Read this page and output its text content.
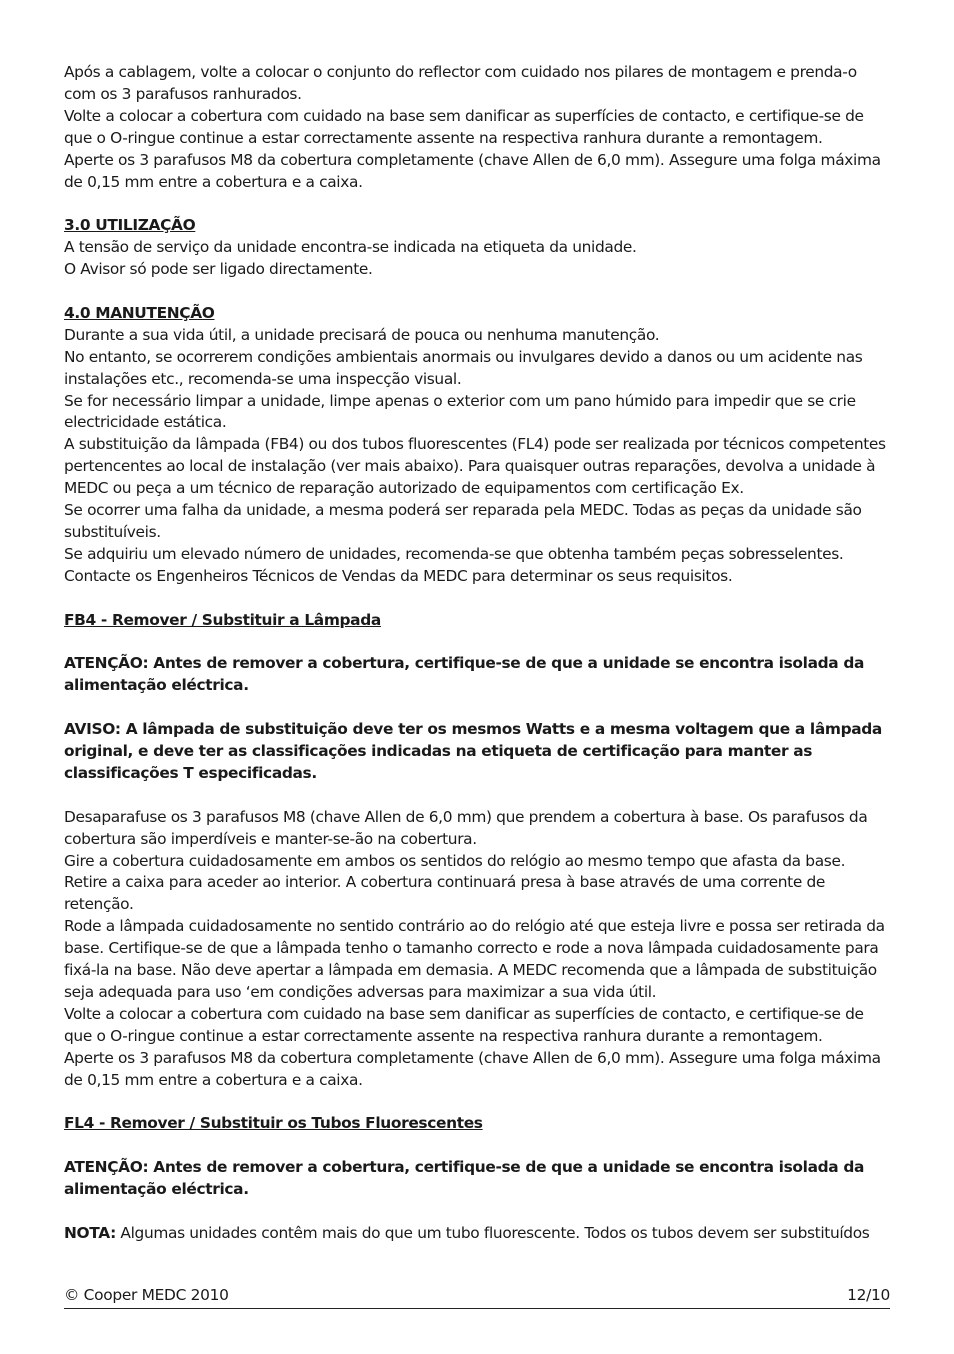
Após a cablagem, volte a colocar o conjunto do reflector com cuidado nos pilares de montagem e prenda-o com os 3 parafusos ranhurados.

Volte a colocar a cobertura com cuidado na base sem danificar as superfícies de contacto, e certifique-se de que o O-ringue continue a estar correctamente assente na respectiva ranhura durante a remontagem.

Aperte os 3 parafusos M8 da cobertura completamente (chave Allen de 6,0 mm). Assegure uma folga máxima de 0,15 mm entre a cobertura e a caixa.

3.0 UTILIZAÇÃO

A tensão de serviço da unidade encontra-se indicada na etiqueta da unidade.

O Avisor só pode ser ligado directamente.

4.0 MANUTENÇÃO

Durante a sua vida útil, a unidade precisará de pouca ou nenhuma manutenção.

No entanto, se ocorrerem condições ambientais anormais ou invulgares devido a danos ou um acidente nas instalações etc., recomenda-se uma inspecção visual.

Se for necessário limpar a unidade, limpe apenas o exterior com um pano húmido para impedir que se crie electricidade estática.

A substituição da lâmpada (FB4) ou dos tubos fluorescentes (FL4) pode ser realizada por técnicos competentes pertencentes ao local de instalação (ver mais abaixo). Para quaisquer outras reparações, devolva a unidade à MEDC ou peça a um técnico de reparação autorizado de equipamentos com certificação Ex.

Se ocorrer uma falha da unidade, a mesma poderá ser reparada pela MEDC. Todas as peças da unidade são substituíveis.

Se adquiriu um elevado número de unidades, recomenda-se que obtenha também peças sobresselentes.

Contacte os Engenheiros Técnicos de Vendas da MEDC para determinar os seus requisitos.

FB4 - Remover / Substituir a Lâmpada

ATENÇÃO: Antes de remover a cobertura, certifique-se de que a unidade se encontra isolada da alimentação eléctrica.

AVISO: A lâmpada de substituição deve ter os mesmos Watts e a mesma voltagem que a lâmpada original, e deve ter as classificações indicadas na etiqueta de certificação para manter as classificações T especificadas.

Desaparafuse os 3 parafusos M8 (chave Allen de 6,0 mm) que prendem a cobertura à base. Os parafusos da cobertura são imperdíveis e manter-se-ão na cobertura.

Gire a cobertura cuidadosamente em ambos os sentidos do relógio ao mesmo tempo que afasta da base. Retire a caixa para aceder ao interior. A cobertura continuará presa à base através de uma corrente de retenção.

Rode a lâmpada cuidadosamente no sentido contrário ao do relógio até que esteja livre e possa ser retirada da base. Certifique-se de que a lâmpada tenho o tamanho correcto e rode a nova lâmpada cuidadosamente para fixá-la na base. Não deve apertar a lâmpada em demasia. A MEDC recomenda que a lâmpada de substituição seja adequada para uso ‘em condições adversas para maximizar a sua vida útil.

Volte a colocar a cobertura com cuidado na base sem danificar as superfícies de contacto, e certifique-se de que o O-ringue continue a estar correctamente assente na respectiva ranhura durante a remontagem.

Aperte os 3 parafusos M8 da cobertura completamente (chave Allen de 6,0 mm). Assegure uma folga máxima de 0,15 mm entre a cobertura e a caixa.

FL4 - Remover / Substituir os Tubos Fluorescentes

ATENÇÃO: Antes de remover a cobertura, certifique-se de que a unidade se encontra isolada da alimentação eléctrica.

NOTA: Algumas unidades contêm mais do que um tubo fluorescente. Todos os tubos devem ser substituídos

© Cooper MEDC 2010	12/10
